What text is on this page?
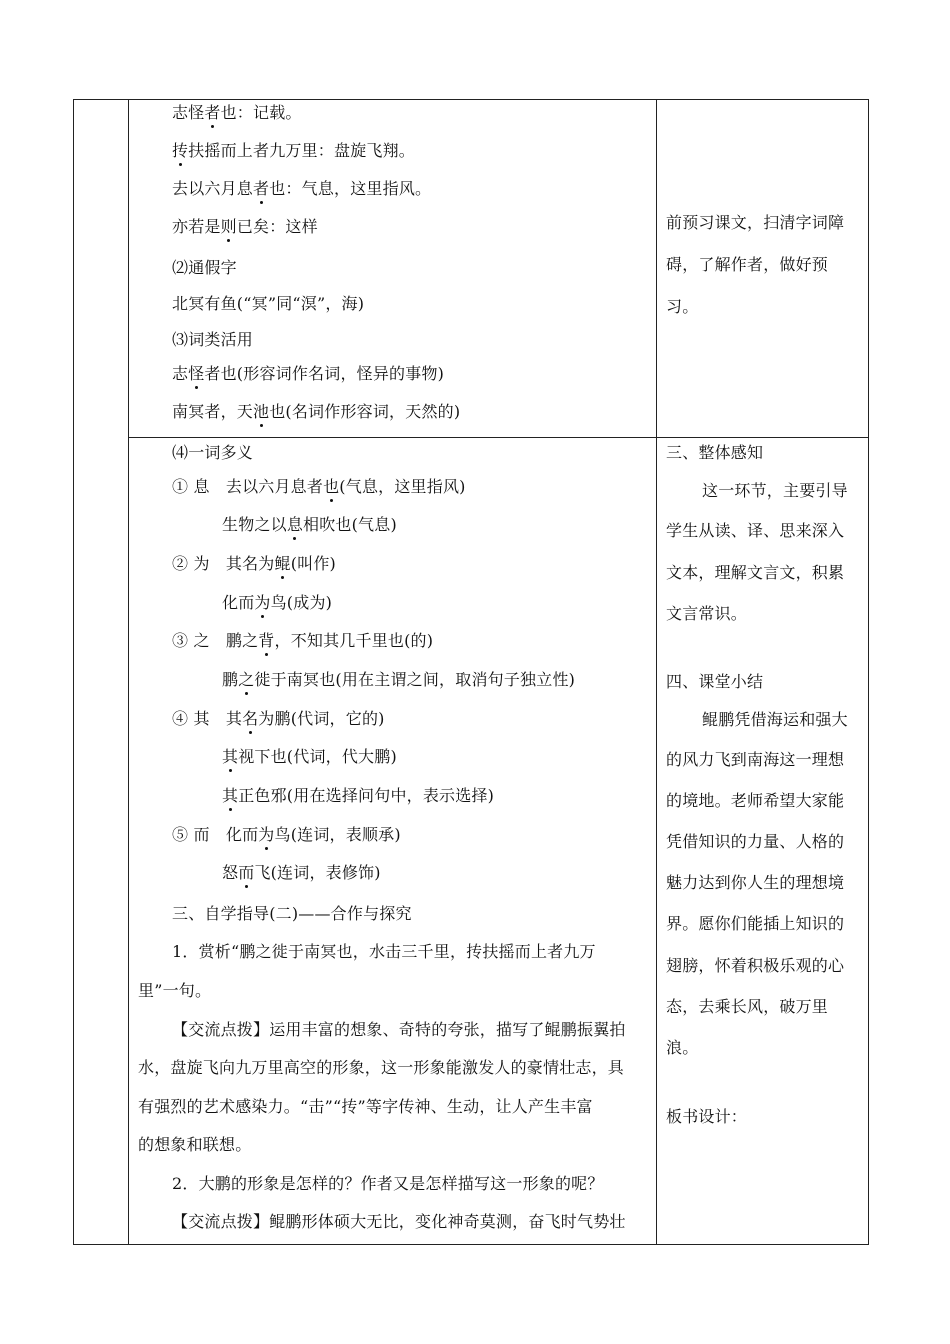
志怪者也：记载。
抟扶摇而上者九万里：盘旋飞翔。
去以六月息者也：气息，这里指风。
亦若是则已矣：这样
⑵通假字
北冥有鱼(“冥”同“溟”，海)
⑶词类活用
志怪者也(形容词作名词，怪异的事物)
南冥者，天池也(名词作形容词，天然的)
⑷一词多义
① 息　去以六月息者也(气息，这里指风)
生物之以息相吹也(气息)
② 为　其名为鲲(叫作)
化而为鸟(成为)
③ 之　鹏之背，不知其几千里也(的)
鹏之徙于南冥也(用在主谓之间，取消句子独立性)
④ 其　其名为鹏(代词，它的)
其视下也(代词，代大鹏)
其正色邪(用在选择问句中，表示选择)
⑤ 而　化而为鸟(连词，表顺承)
怒而飞(连词，表修饰)
三、自学指导(二)——合作与探究
1．赏析“鹏之徙于南冥也，水击三千里，抟扶摇而上者九万
里”一句。
【交流点拨】运用丰富的想象、奇特的夸张，描写了鲲鹏振翼拍
水，盘旋飞向九万里高空的形象，这一形象能激发人的豪情壮志，具
有强烈的艺术感染力。“击”“抟”等字传神、生动，让人产生丰富
的想象和联想。
2．大鹏的形象是怎样的？作者又是怎样描写这一形象的呢？
【交流点拨】鲲鹏形体硕大无比，变化神奇莫测，奋飞时气势壮
前预习课文，扫清字词障
碍，了解作者，做好预
习。
三、整体感知
这一环节，主要引导
学生从读、译、思来深入
文本，理解文言文，积累
文言常识。
四、课堂小结
鲲鹏凭借海运和强大
的风力飞到南海这一理想
的境地。老师希望大家能
凭借知识的力量、人格的
魅力达到你人生的理想境
界。愿你们能插上知识的
翅膀，怀着积极乐观的心
态，去乘长风，破万里
浪。
板书设计：
